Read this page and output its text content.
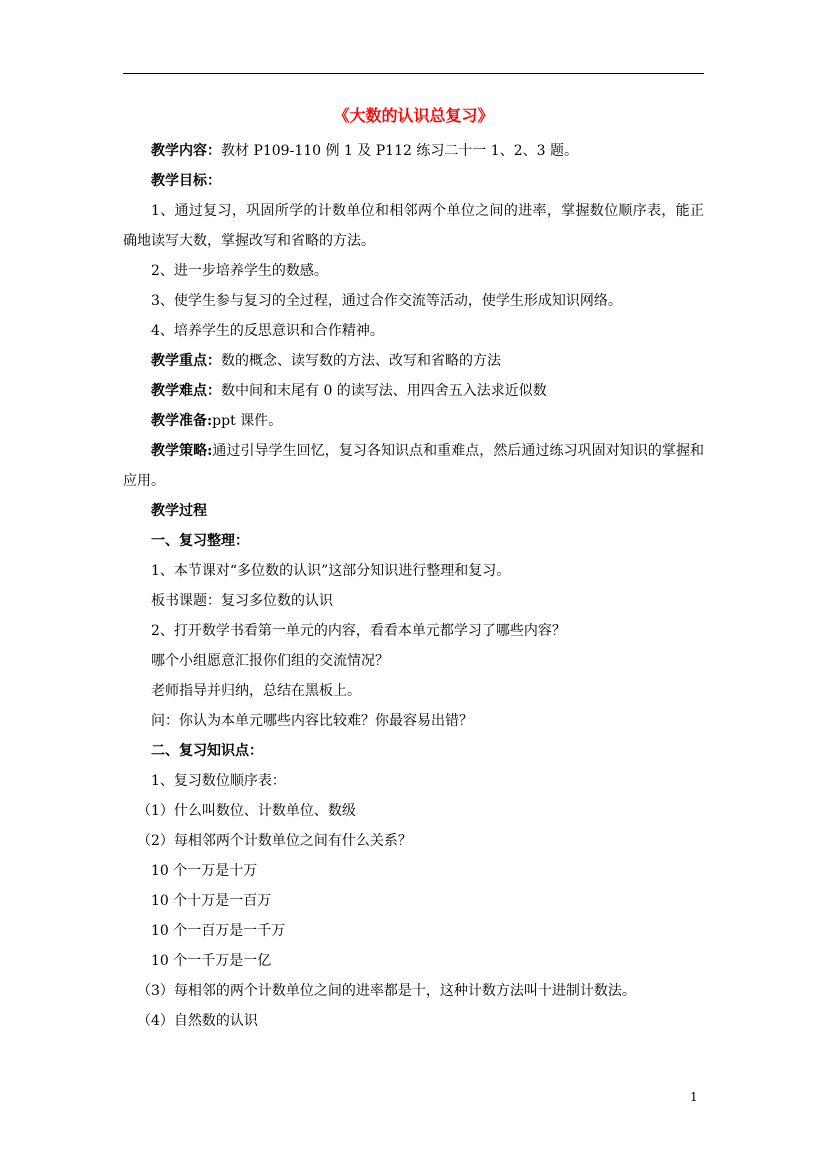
《大数的认识总复习》
教学内容：教材 P109-110 例 1 及 P112 练习二十一 1、2、3 题。
教学目标：
1、通过复习，巩固所学的计数单位和相邻两个单位之间的进率，掌握数位顺序表，能正确地读写大数，掌握改写和省略的方法。
2、进一步培养学生的数感。
3、使学生参与复习的全过程，通过合作交流等活动，使学生形成知识网络。
4、培养学生的反思意识和合作精神。
教学重点：数的概念、读写数的方法、改写和省略的方法
教学难点：数中间和末尾有 0 的读写法、用四舍五入法求近似数
教学准备:ppt 课件。
教学策略:通过引导学生回忆，复习各知识点和重难点，然后通过练习巩固对知识的掌握和应用。
教学过程
一、复习整理：
1、本节课对“多位数的认识”这部分知识进行整理和复习。
板书课题：复习多位数的认识
2、打开数学书看第一单元的内容，看看本单元都学习了哪些内容？
哪个小组愿意汇报你们组的交流情况？
老师指导并归纳，总结在黑板上。
问：你认为本单元哪些内容比较难？你最容易出错？
二、复习知识点：
1、复习数位顺序表：
（1）什么叫数位、计数单位、数级
（2）每相邻两个计数单位之间有什么关系？
10 个一万是十万
10 个十万是一百万
10 个一百万是一千万
10 个一千万是一亿
（3）每相邻的两个计数单位之间的进率都是十，这种计数方法叫十进制计数法。
（4）自然数的认识
1
